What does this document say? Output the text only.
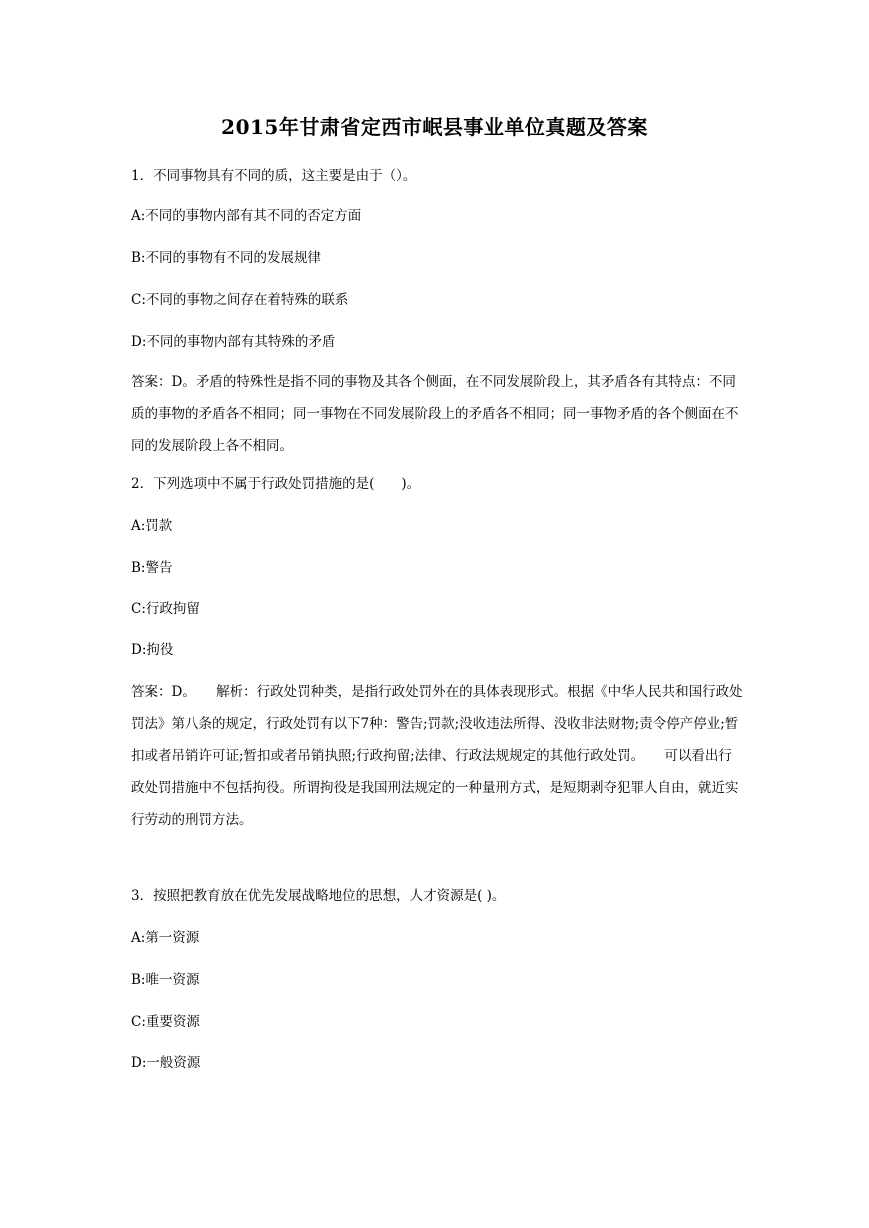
2015年甘肃省定西市岷县事业单位真题及答案
1．不同事物具有不同的质，这主要是由于（）。
A:不同的事物内部有其不同的否定方面
B:不同的事物有不同的发展规律
C:不同的事物之间存在着特殊的联系
D:不同的事物内部有其特殊的矛盾
答案：D。矛盾的特殊性是指不同的事物及其各个侧面，在不同发展阶段上，其矛盾各有其特点：不同质的事物的矛盾各不相同；同一事物在不同发展阶段上的矛盾各不相同；同一事物矛盾的各个侧面在不同的发展阶段上各不相同。
2．下列选项中不属于行政处罚措施的是(　　)。
A:罚款
B:警告
C:行政拘留
D:拘役
答案：D。　　解析：行政处罚种类，是指行政处罚外在的具体表现形式。根据《中华人民共和国行政处罚法》第八条的规定，行政处罚有以下7种：警告;罚款;没收违法所得、没收非法财物;责令停产停业;暂扣或者吊销许可证;暂扣或者吊销执照;行政拘留;法律、行政法规规定的其他行政处罚。　　可以看出行政处罚措施中不包括拘役。所谓拘役是我国刑法规定的一种量刑方式，是短期剥夺犯罪人自由，就近实行劳动的刑罚方法。
3．按照把教育放在优先发展战略地位的思想，人才资源是( )。
A:第一资源
B:唯一资源
C:重要资源
D:一般资源
